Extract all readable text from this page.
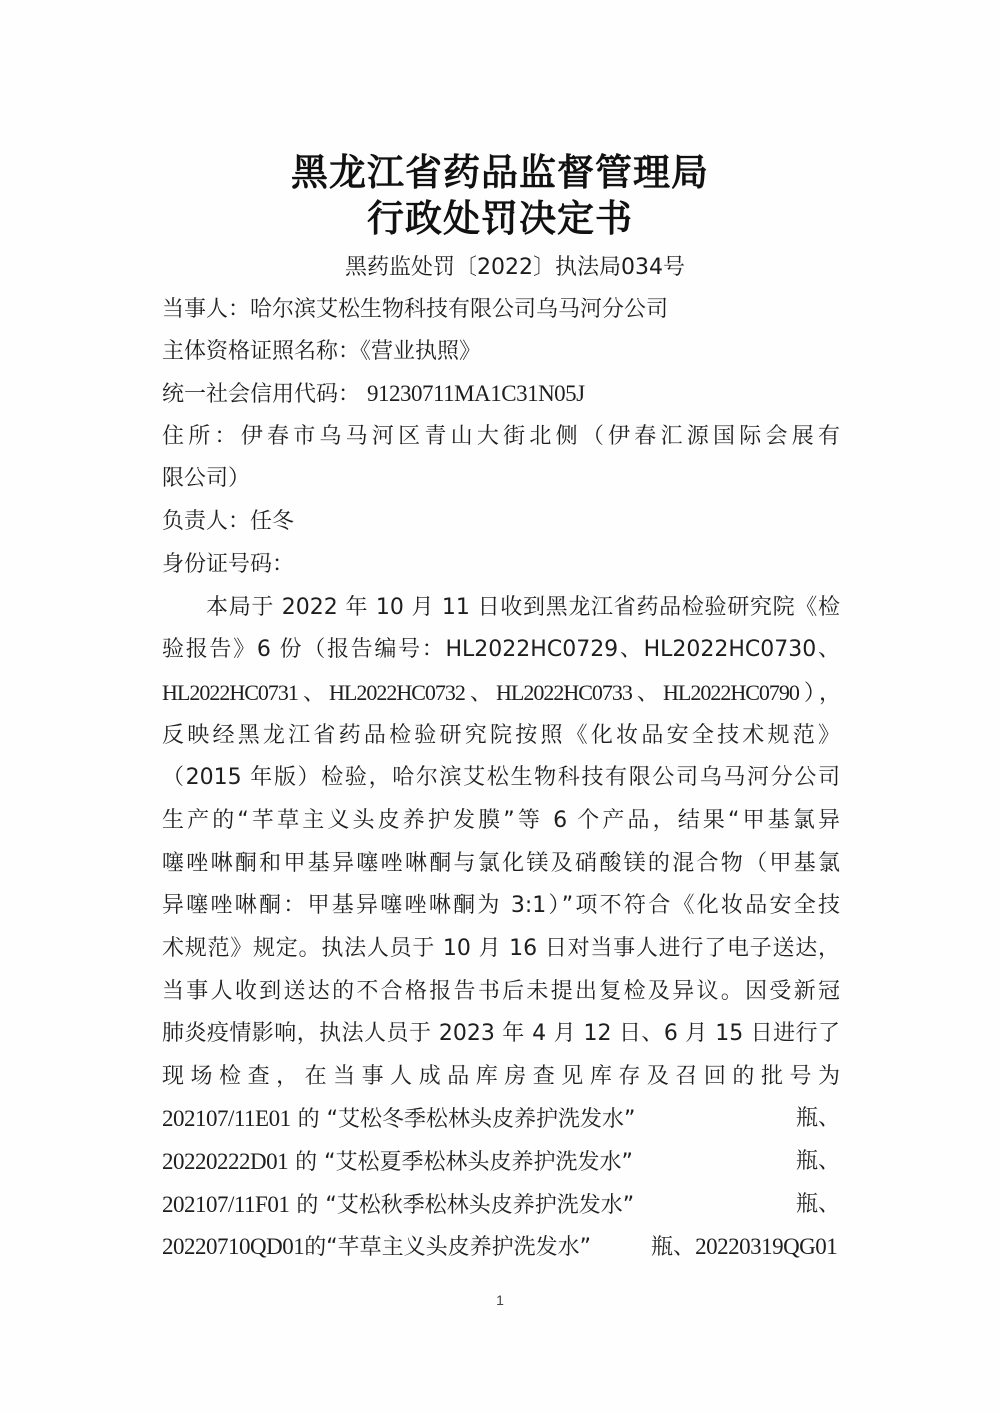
黑龙江省药品监督管理局
行政处罚决定书
黑药监处罚〔2022〕执法局034号
当事人：哈尔滨艾松生物科技有限公司乌马河分公司
主体资格证照名称：《营业执照》
统一社会信用代码： 91230711MA1C31N05J
住所：伊春市乌马河区青山大街北侧（伊春汇源国际会展有
限公司）
负责人：任冬
身份证号码：
本局于 2022 年 10 月 11 日收到黑龙江省药品检验研究院《检
验报告》6 份（报告编号：HL2022HC0729、HL2022HC0730、
HL2022HC0731、HL2022HC0732、HL2022HC0733、HL2022HC0790），
反映经黑龙江省药品检验研究院按照《化妆品安全技术规范》
（2015 年版）检验，哈尔滨艾松生物科技有限公司乌马河分公司
生产的“芊草主义头皮养护发膜”等 6 个产品，结果“甲基氯异
噻唑啉酮和甲基异噻唑啉酮与氯化镁及硝酸镁的混合物（甲基氯
异噻唑啉酮：甲基异噻唑啉酮为 3:1）”项不符合《化妆品安全技
术规范》规定。执法人员于 10 月 16 日对当事人进行了电子送达，
当事人收到送达的不合格报告书后未提出复检及异议。因受新冠
肺炎疫情影响，执法人员于 2023 年 4 月 12 日、6 月 15 日进行了
现场检查，在当事人成品库房查见库存及召回的批号为
202107/11E01 的 “艾松冬季松林头皮养护洗发水”	瓶、
20220222D01 的 “艾松夏季松林头皮养护洗发水”	瓶、
202107/11F01 的 “艾松秋季松林头皮养护洗发水”	瓶、
20220710QD01的“芊草主义头皮养护洗发水”	瓶、20220319QG01
1
